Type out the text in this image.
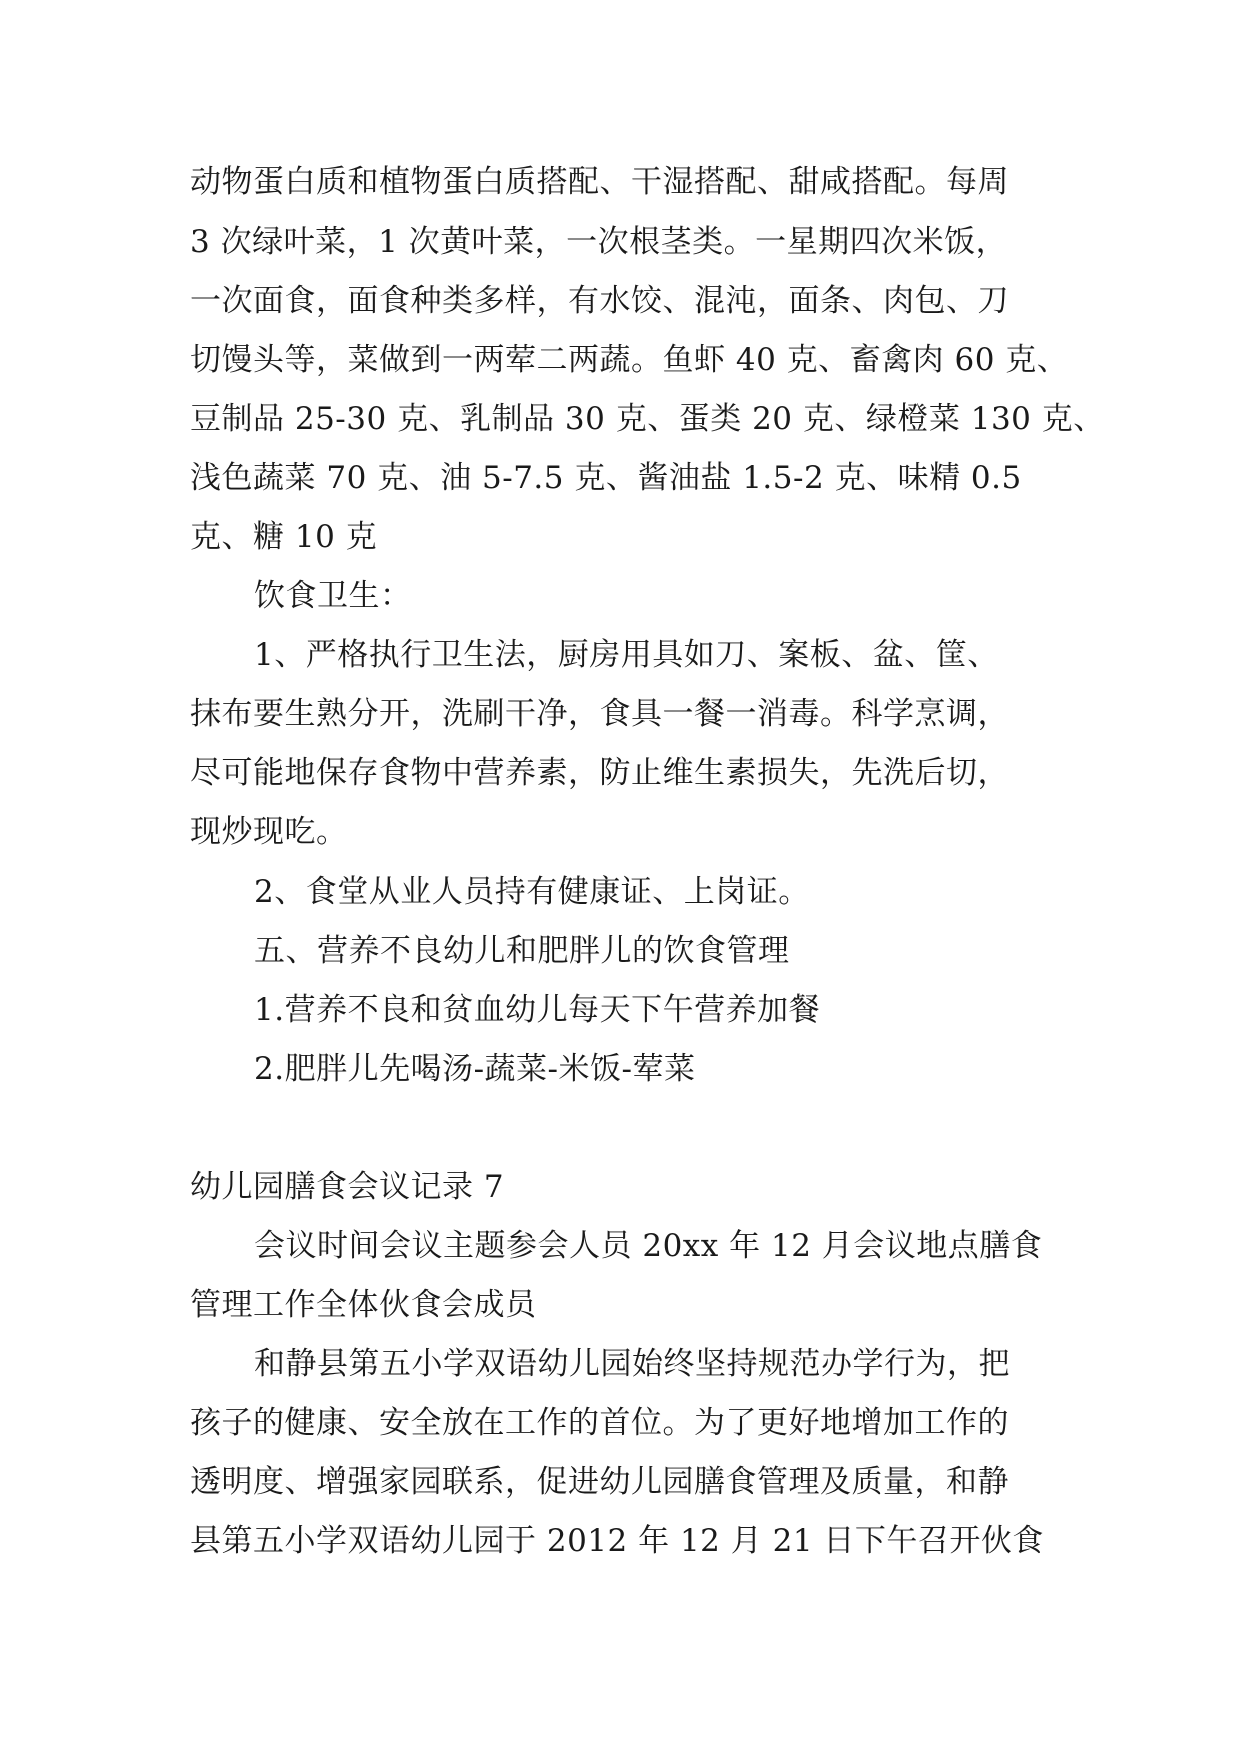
动物蛋白质和植物蛋白质搭配、干湿搭配、甜咸搭配。每周
3 次绿叶菜，1 次黄叶菜，一次根茎类。一星期四次米饭，
一次面食，面食种类多样，有水饺、混沌，面条、肉包、刀
切馒头等，菜做到一两荤二两蔬。鱼虾 40 克、畜禽肉 60 克、
豆制品 25-30 克、乳制品 30 克、蛋类 20 克、绿橙菜 130 克、
浅色蔬菜 70 克、油 5-7.5 克、酱油盐 1.5-2 克、味精 0.5
克、糖 10 克
饮食卫生：
1、严格执行卫生法，厨房用具如刀、案板、盆、筐、
抹布要生熟分开，洗刷干净，食具一餐一消毒。科学烹调，
尽可能地保存食物中营养素，防止维生素损失，先洗后切，
现炒现吃。
2、食堂从业人员持有健康证、上岗证。
五、营养不良幼儿和肥胖儿的饮食管理
1.营养不良和贫血幼儿每天下午营养加餐
2.肥胖儿先喝汤-蔬菜-米饭-荤菜
幼儿园膳食会议记录 7
会议时间会议主题参会人员 20xx 年 12 月会议地点膳食
管理工作全体伙食会成员
和静县第五小学双语幼儿园始终坚持规范办学行为，把
孩子的健康、安全放在工作的首位。为了更好地增加工作的
透明度、增强家园联系，促进幼儿园膳食管理及质量，和静
县第五小学双语幼儿园于 2012 年 12 月 21 日下午召开伙食
